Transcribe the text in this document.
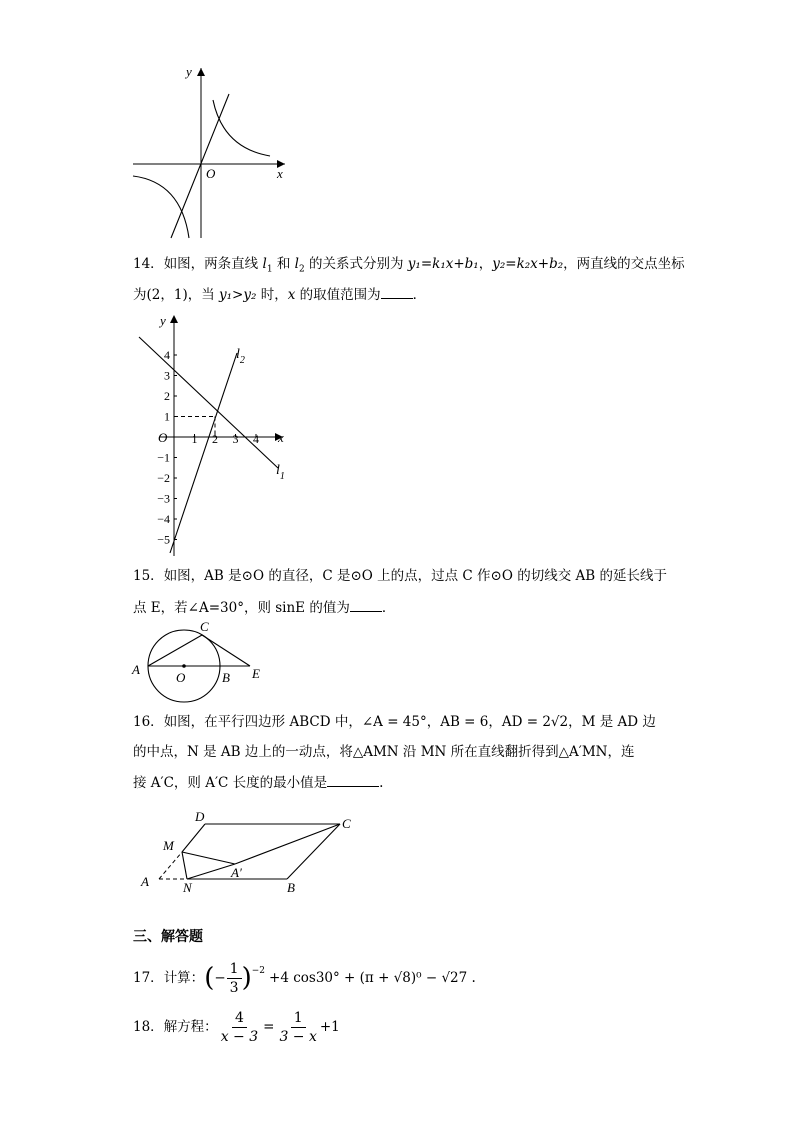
O	x
y
14．如图，两条直线 $l_1$ 和 $l_2$ 的关系式分别为 y₁=k₁x+b₁，y₂=k₂x+b₂，两直线的交点坐标
为(2，1)，当 y₁>y₂ 时，x 的取值范围为 ．
y
x
O 1 2 3 4
4
3
2
1
−1
−2
−3
−4
−5
$l_2$
$l_1$
15．如图，AB 是⊙O 的直径，C 是⊙O 上的点，过点 C 作⊙O 的切线交 AB 的延长线于
点 E，若∠A=30°，则 sinE 的值为 ．
A
O	B
C
E
16．如图，在平行四边形 ABCD 中，∠A = 45°，AB = 6，AD = 2√2，M 是 AD 边
的中点，N 是 AB 边上的一动点，将△AMN 沿 MN 所在直线翻折得到△A′MN，连
接 A′C，则 A′C 长度的最小值是	.
A	B
C
D
M
N
A′
三、解答题
17． 计算： ( − $\frac{1}{3} )^{-2} +4$ cos30° + (π + √8)⁰ − √27 .
18． 解方程： $\frac{4}{x - 3} = \frac{1}{3 - x} +1$
